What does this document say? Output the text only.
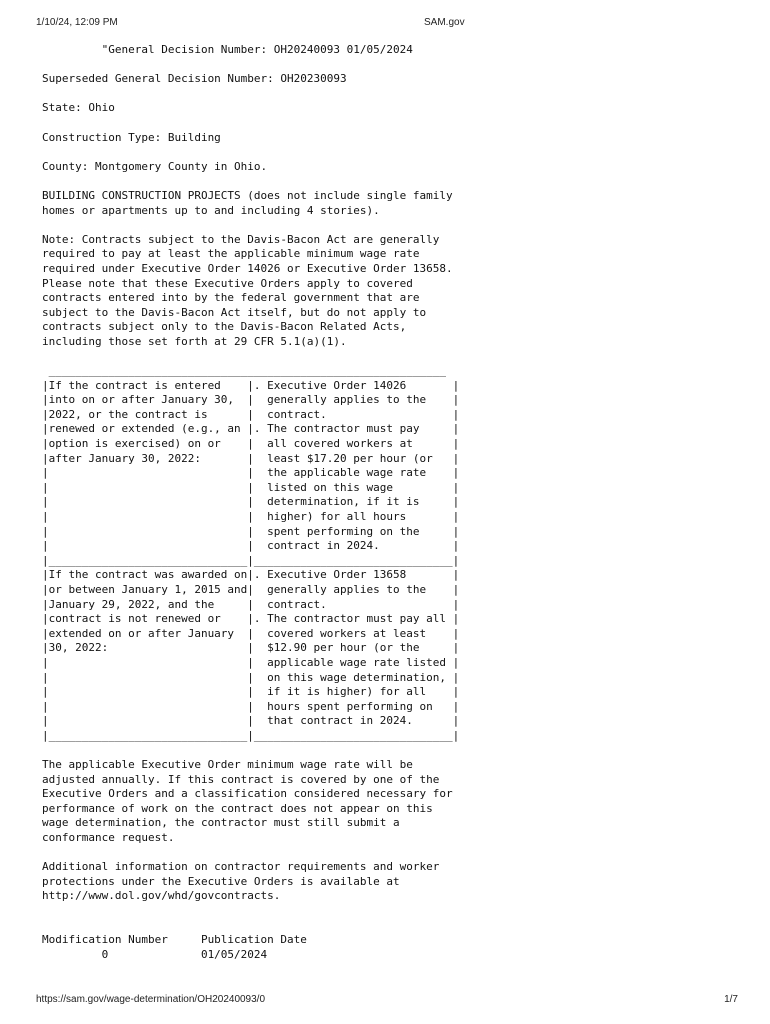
1/10/24, 12:09 PM	SAM.gov
"General Decision Number: OH20240093 01/05/2024
Superseded General Decision Number: OH20230093
State: Ohio
Construction Type: Building
County: Montgomery County in Ohio.
BUILDING CONSTRUCTION PROJECTS (does not include single family
homes or apartments up to and including 4 stories).
Note: Contracts subject to the Davis-Bacon Act are generally
required to pay at least the applicable minimum wage rate
required under Executive Order 14026 or Executive Order 13658.
Please note that these Executive Orders apply to covered
contracts entered into by the federal government that are
subject to the Davis-Bacon Act itself, but do not apply to
contracts subject only to the Davis-Bacon Related Acts,
including those set forth at 29 CFR 5.1(a)(1).
____________________________________________________________
|If the contract is entered    |. Executive Order 14026       |
|into on or after January 30,  |  generally applies to the    |
|2022, or the contract is      |  contract.                   |
|renewed or extended (e.g., an |. The contractor must pay     |
|option is exercised) on or    |  all covered workers at      |
|after January 30, 2022:       |  least $17.20 per hour (or   |
|                              |  the applicable wage rate    |
|                              |  listed on this wage         |
|                              |  determination, if it is     |
|                              |  higher) for all hours       |
|                              |  spent performing on the     |
|                              |  contract in 2024.           |
|______________________________|______________________________|
|If the contract was awarded on|. Executive Order 13658       |
|or between January 1, 2015 and|  generally applies to the    |
|January 29, 2022, and the     |  contract.                   |
|contract is not renewed or    |. The contractor must pay all |
|extended on or after January  |  covered workers at least    |
|30, 2022:                     |  $12.90 per hour (or the     |
|                              |  applicable wage rate listed |
|                              |  on this wage determination, |
|                              |  if it is higher) for all    |
|                              |  hours spent performing on   |
|                              |  that contract in 2024.      |
|______________________________|______________________________|
The applicable Executive Order minimum wage rate will be
adjusted annually. If this contract is covered by one of the
Executive Orders and a classification considered necessary for
performance of work on the contract does not appear on this
wage determination, the contractor must still submit a
conformance request.
Additional information on contractor requirements and worker
protections under the Executive Orders is available at
http://www.dol.gov/whd/govcontracts.
Modification Number     Publication Date
0              01/05/2024
https://sam.gov/wage-determination/OH20240093/0	1/7
